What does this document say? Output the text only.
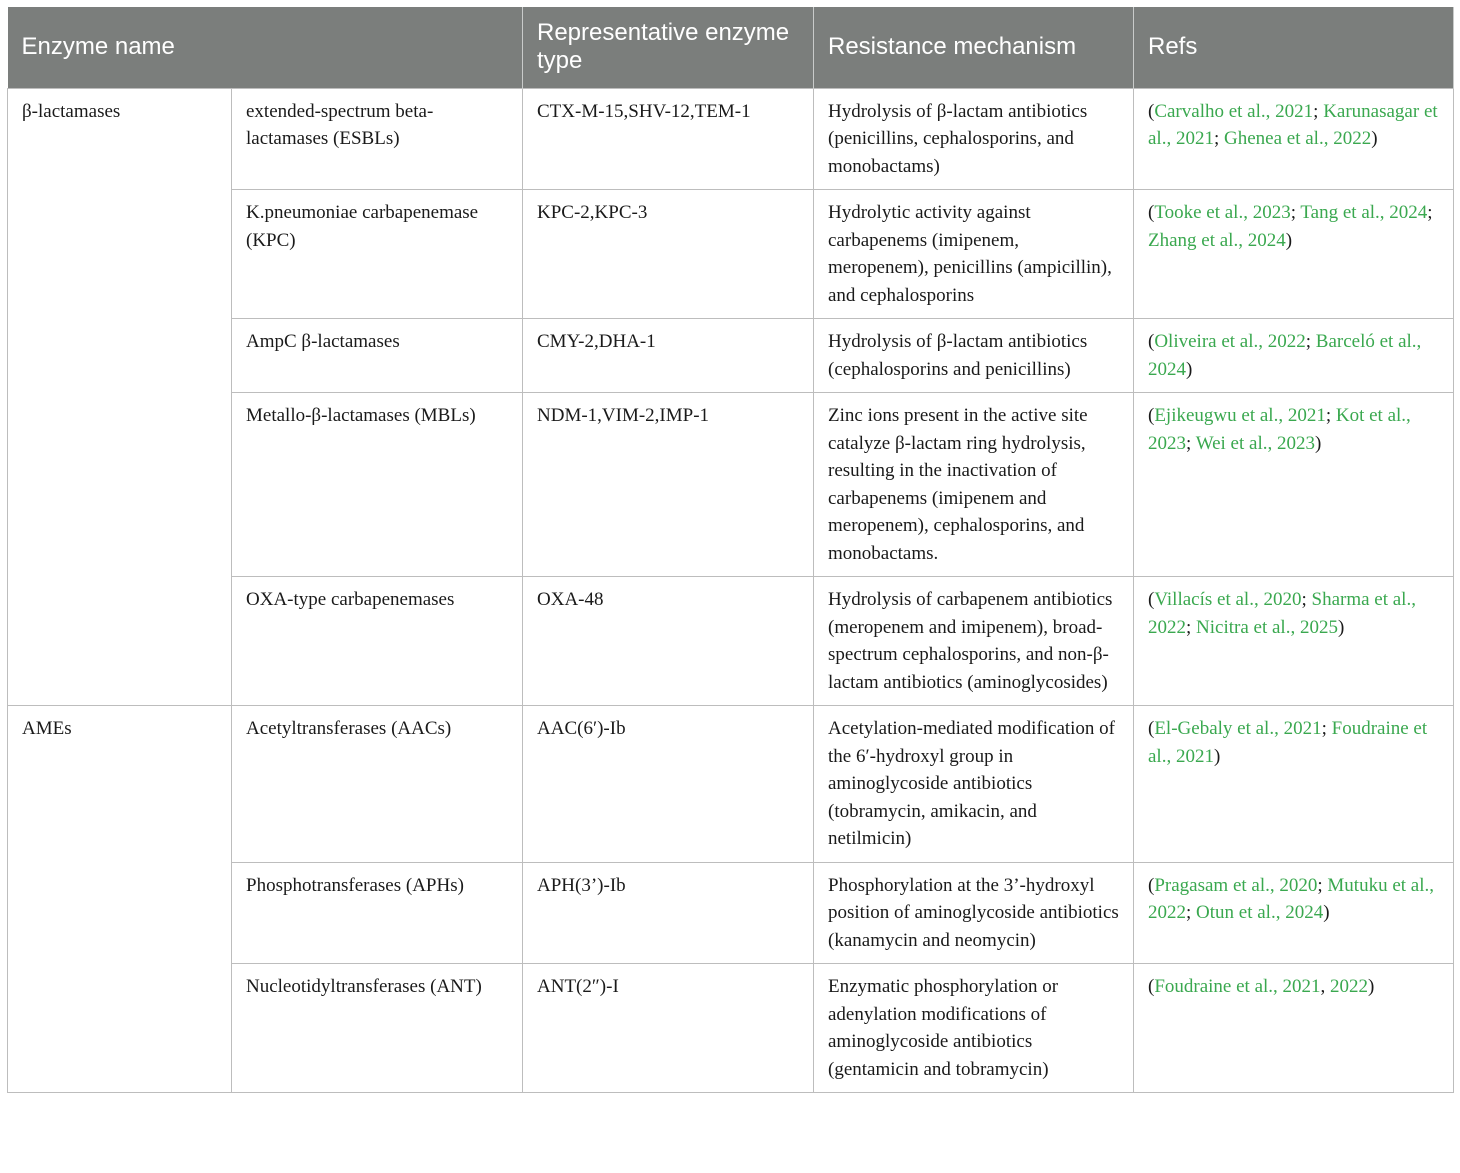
Enzyme name		Representative enzyme type	Resistance mechanism	Refs
β-lactamases	extended-spectrum beta-lactamases (ESBLs)	CTX-M-15,SHV-12,TEM-1	Hydrolysis of β-lactam antibiotics (penicillins, cephalosporins, and monobactams)	(Carvalho et al., 2021; Karunasagar et al., 2021; Ghenea et al., 2022)
	K.pneumoniae carbapenemase (KPC)	KPC-2,KPC-3	Hydrolytic activity against carbapenems (imipenem, meropenem), penicillins (ampicillin), and cephalosporins	(Tooke et al., 2023; Tang et al., 2024; Zhang et al., 2024)
	AmpC β-lactamases	CMY-2,DHA-1	Hydrolysis of β-lactam antibiotics (cephalosporins and penicillins)	(Oliveira et al., 2022; Barceló et al., 2024)
	Metallo-β-lactamases (MBLs)	NDM-1,VIM-2,IMP-1	Zinc ions present in the active site catalyze β-lactam ring hydrolysis, resulting in the inactivation of carbapenems (imipenem and meropenem), cephalosporins, and monobactams.	(Ejikeugwu et al., 2021; Kot et al., 2023; Wei et al., 2023)
	OXA-type carbapenemases	OXA-48	Hydrolysis of carbapenem antibiotics (meropenem and imipenem), broad-spectrum cephalosporins, and non-β-lactam antibiotics (aminoglycosides)	(Villacís et al., 2020; Sharma et al., 2022; Nicitra et al., 2025)
AMEs	Acetyltransferases (AACs)	AAC(6′)-Ib	Acetylation-mediated modification of the 6′-hydroxyl group in aminoglycoside antibiotics (tobramycin, amikacin, and netilmicin)	(El-Gebaly et al., 2021; Foudraine et al., 2021)
	Phosphotransferases (APHs)	APH(3’)-Ib	Phosphorylation at the 3’-hydroxyl position of aminoglycoside antibiotics (kanamycin and neomycin)	(Pragasam et al., 2020; Mutuku et al., 2022; Otun et al., 2024)
	Nucleotidyltransferases (ANT)	ANT(2″)-I	Enzymatic phosphorylation or adenylation modifications of aminoglycoside antibiotics (gentamicin and tobramycin)	(Foudraine et al., 2021, 2022)
